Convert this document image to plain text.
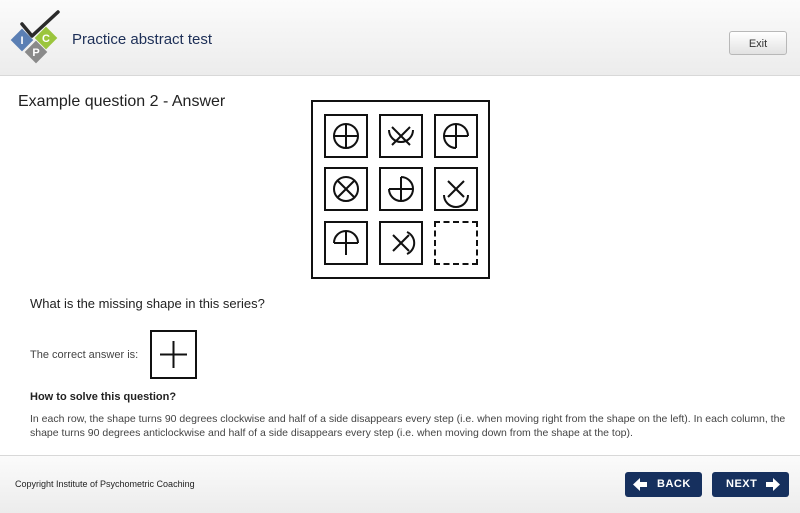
I
P
C Practice abstract test	Exit
Example question 2 - Answer
What is the missing shape in this series?
The correct answer is:
How to solve this question?
In each row, the shape turns 90 degrees clockwise and half of a side disappears every step (i.e. when moving right from the shape on the left). In each column, the shape turns 90 degrees anticlockwise and half of a side disappears every step (i.e. when moving down from the shape at the top).
Copyright Institute of Psychometric Coaching	BACK	NEXT
